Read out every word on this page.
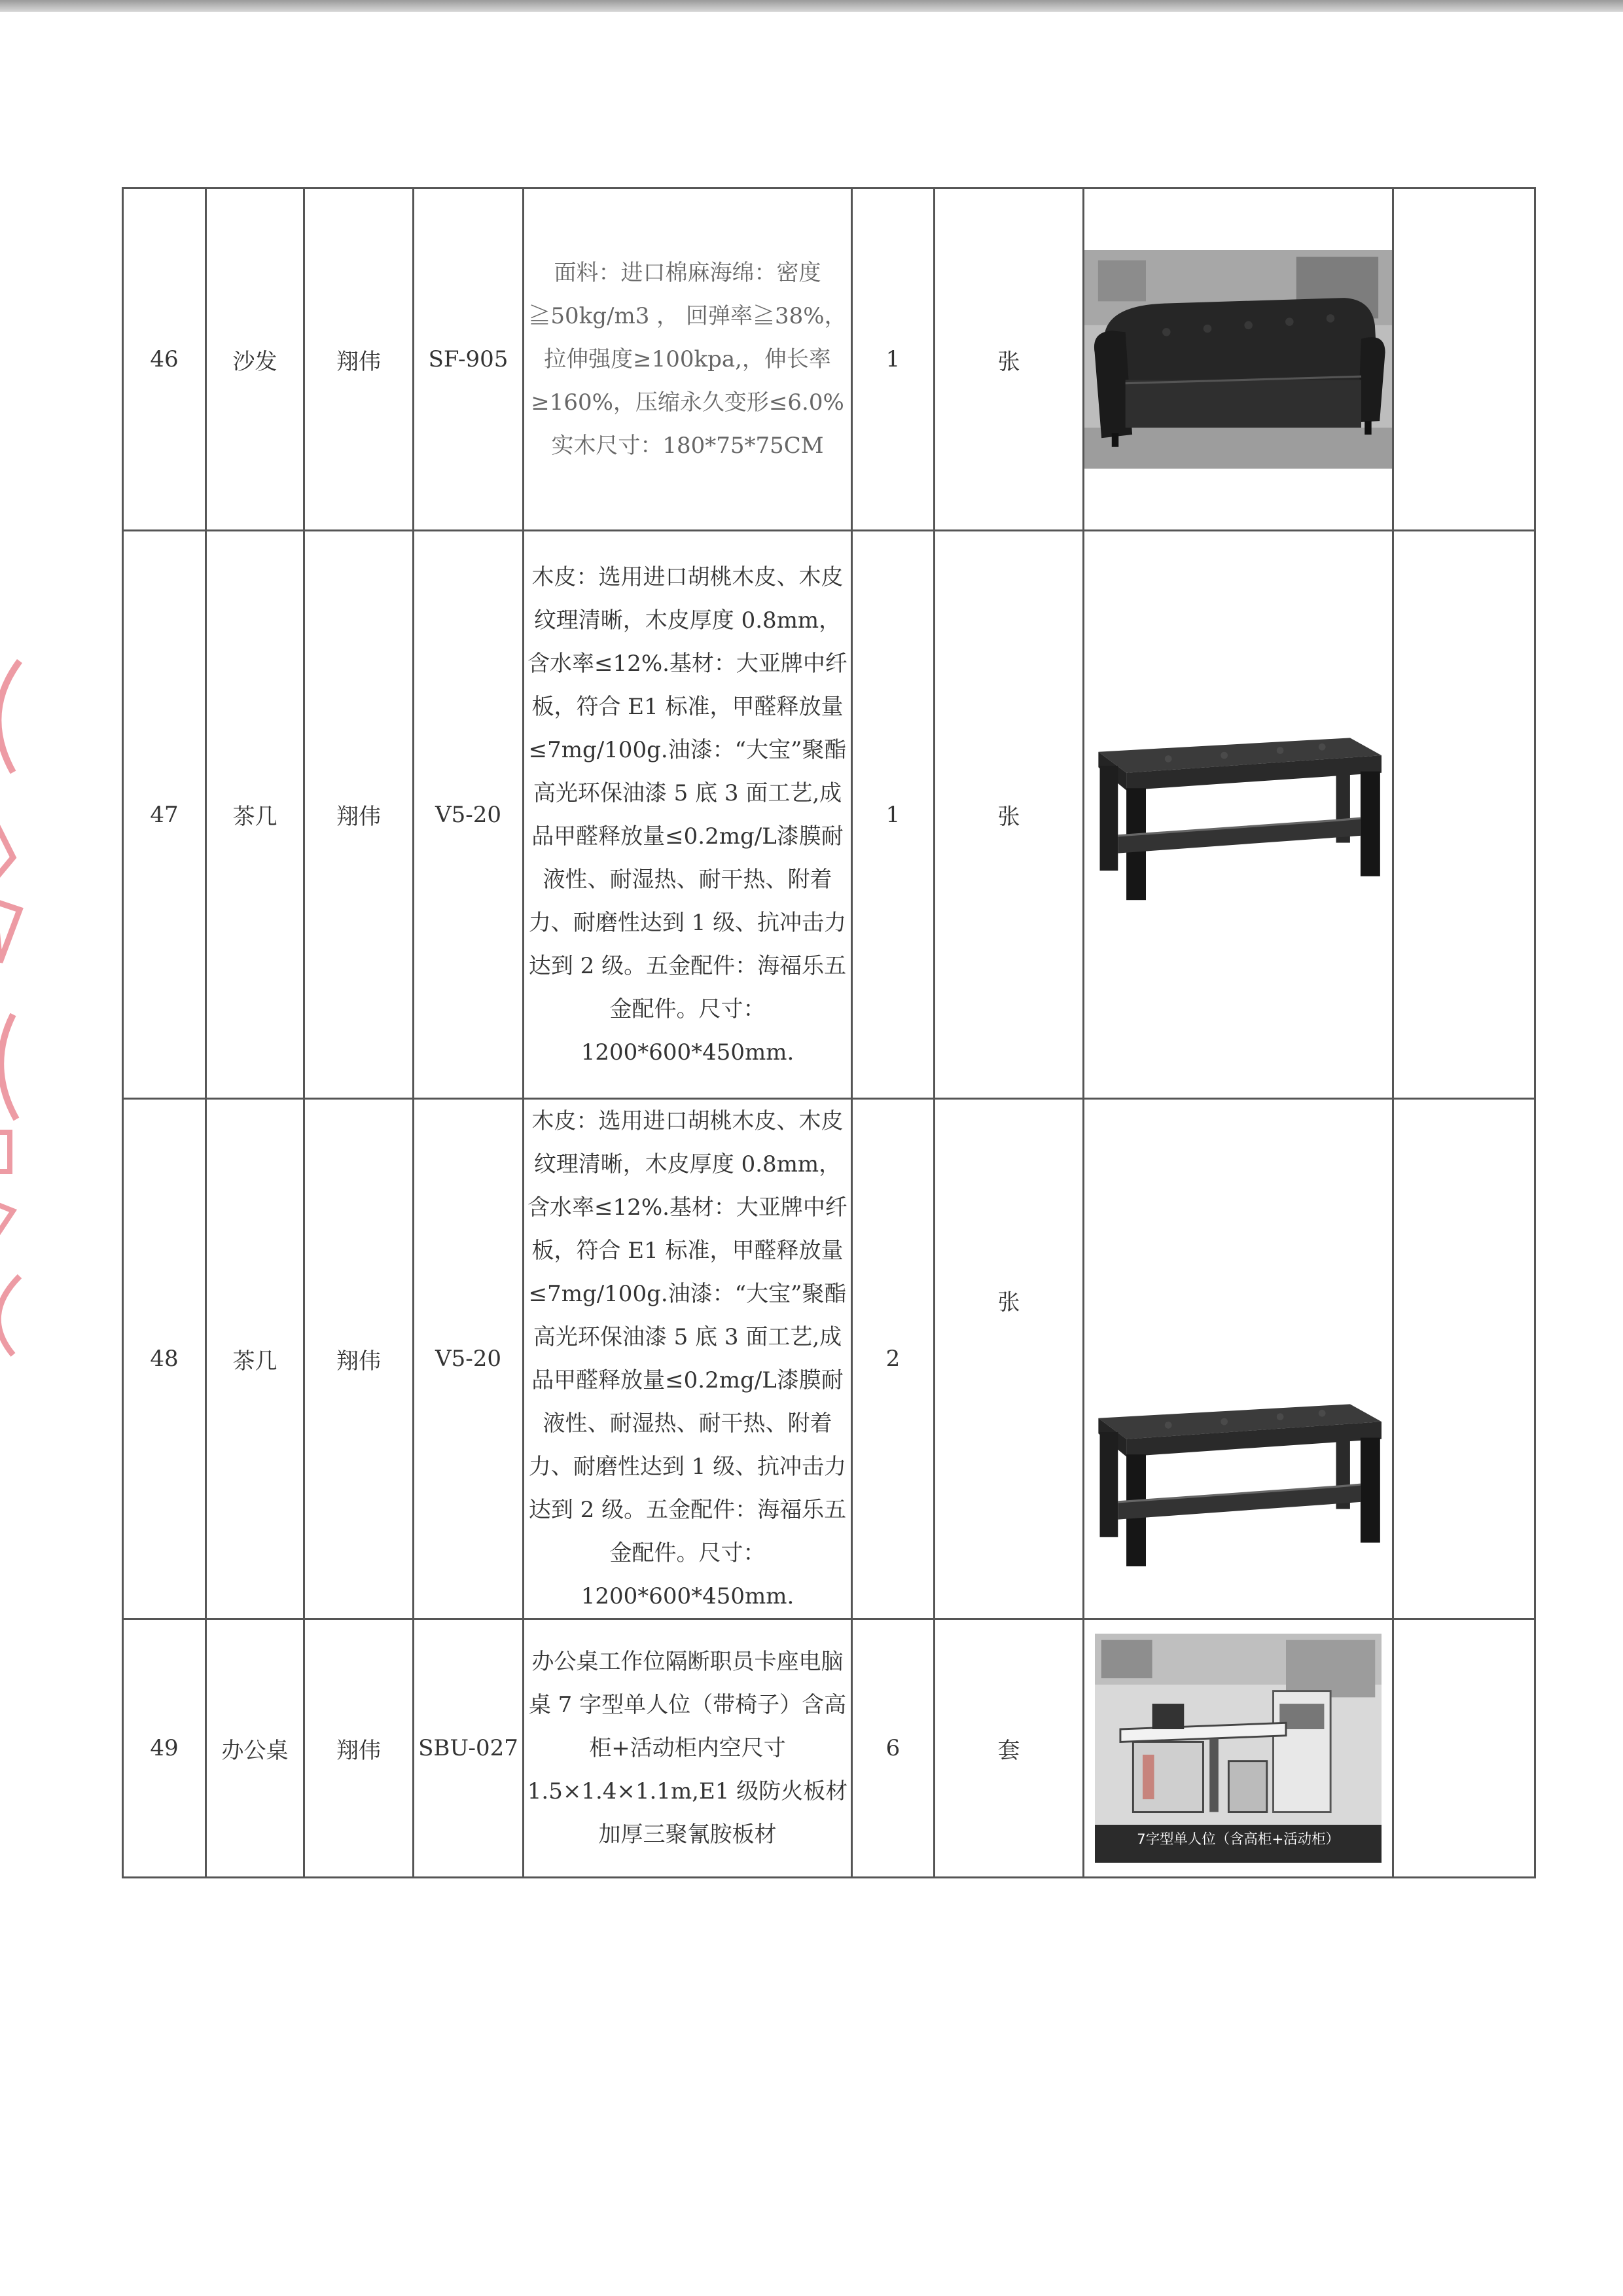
46	沙发	翔伟	SF-905	面料：进口棉麻海绵：密度≧50kg/m3 ， 回弹率≧38%，拉伸强度≥100kpa,，伸长率≥160%，压缩永久变形≤6.0%实木尺寸：180*75*75CM	1	张	

47	茶几	翔伟	V5-20	木皮：选用进口胡桃木皮、木皮纹理清晰，木皮厚度 0.8mm，含水率≤12%.基材：大亚牌中纤板，符合 E1 标准，甲醛释放量≤7mg/100g.油漆：“大宝”聚酯高光环保油漆 5 底 3 面工艺,成品甲醛释放量≤0.2mg/L漆膜耐液性、耐湿热、耐干热、附着力、耐磨性达到 1 级、抗冲击力达到 2 级。五金配件：海福乐五金配件。尺寸：1200*600*450mm.	1	张	

48	茶几	翔伟	V5-20	木皮：选用进口胡桃木皮、木皮纹理清晰，木皮厚度 0.8mm，含水率≤12%.基材：大亚牌中纤板，符合 E1 标准，甲醛释放量≤7mg/100g.油漆：“大宝”聚酯高光环保油漆 5 底 3 面工艺,成品甲醛释放量≤0.2mg/L漆膜耐液性、耐湿热、耐干热、附着力、耐磨性达到 1 级、抗冲击力达到 2 级。五金配件：海福乐五金配件。尺寸：1200*600*450mm.	2	张	

49	办公桌	翔伟	SBU-027	办公桌工作位隔断职员卡座电脑桌 7 字型单人位（带椅子）含高柜+活动柜内空尺寸 1.5×1.4×1.1m,E1 级防火板材加厚三聚氰胺板材	6	套	7字型单人位（含高柜+活动柜）	
